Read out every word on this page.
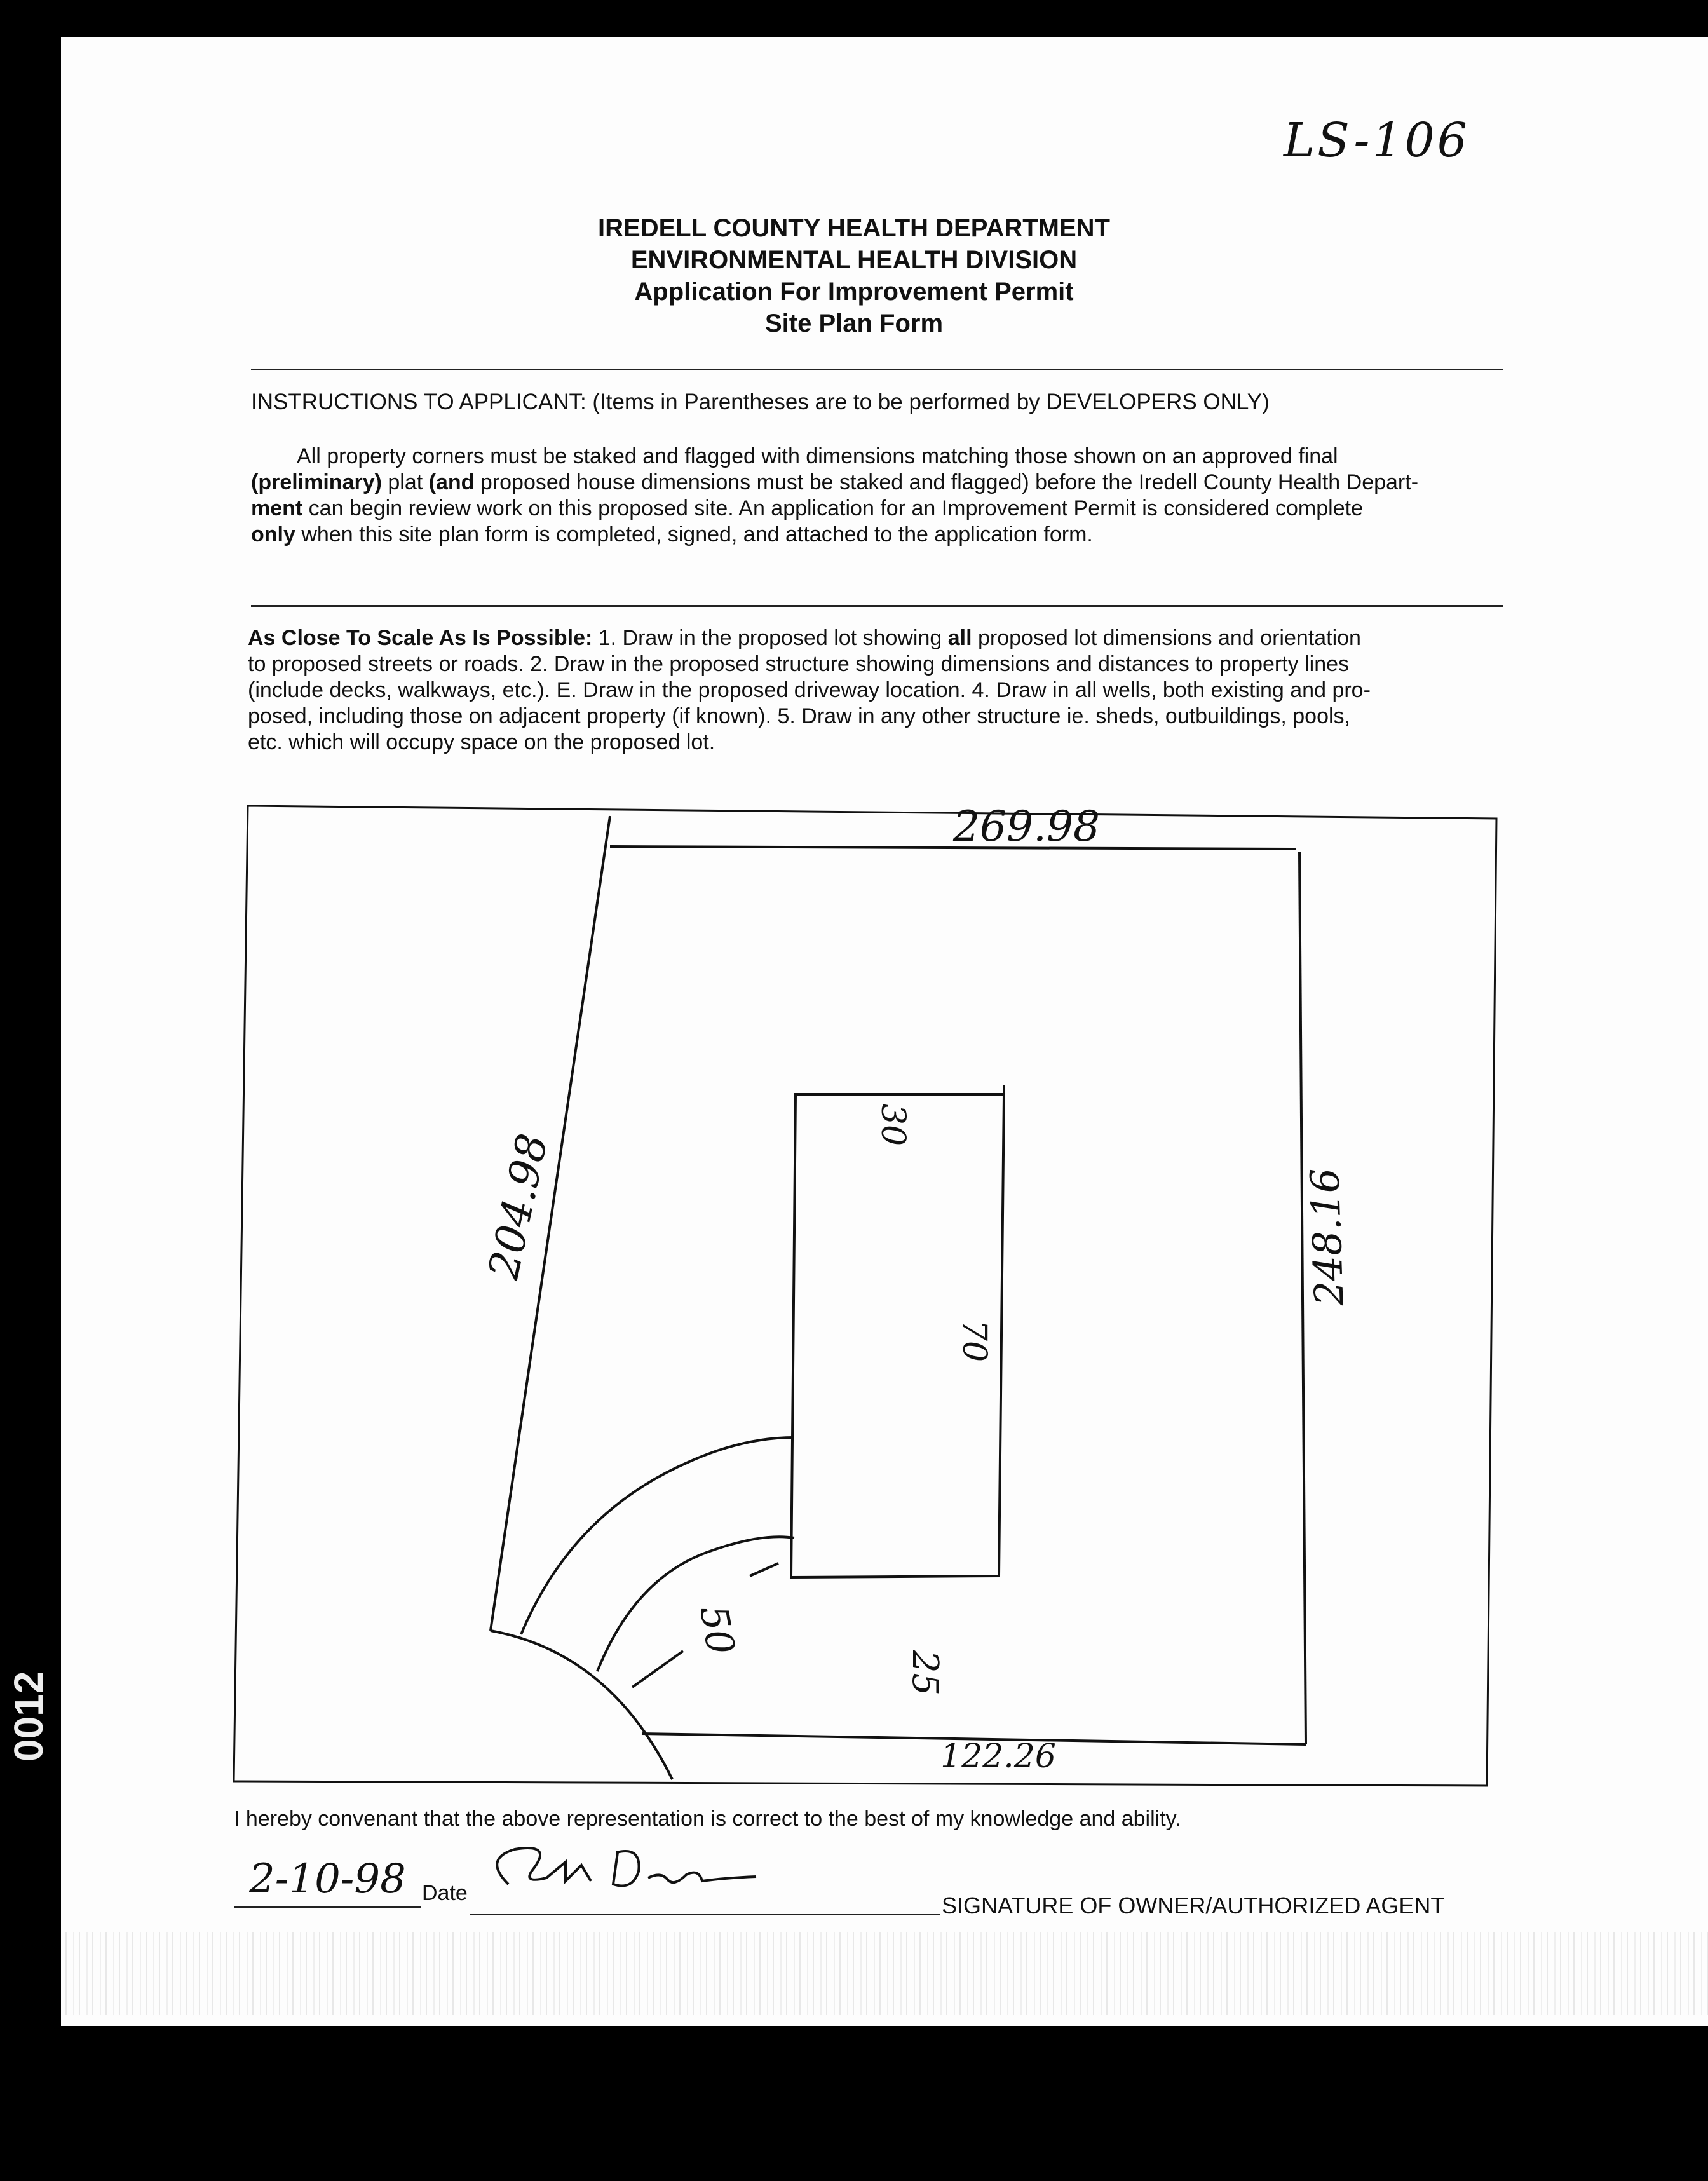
0012
LS-106
IREDELL COUNTY HEALTH DEPARTMENT
ENVIRONMENTAL HEALTH DIVISION
Application For Improvement Permit
Site Plan Form
INSTRUCTIONS TO APPLICANT: (Items in Parentheses are to be performed by DEVELOPERS ONLY)
All property corners must be staked and flagged with dimensions matching those shown on an approved final
(preliminary) plat (and proposed house dimensions must be staked and flagged) before the Iredell County Health Depart-
ment can begin review work on this proposed site. An application for an Improvement Permit is considered complete
only when this site plan form is completed, signed, and attached to the application form.
As Close To Scale As Is Possible: 1. Draw in the proposed lot showing all proposed lot dimensions and orientation
to proposed streets or roads. 2. Draw in the proposed structure showing dimensions and distances to property lines
(include decks, walkways, etc.). E. Draw in the proposed driveway location. 4. Draw in all wells, both existing and pro-
posed, including those on adjacent property (if known). 5. Draw in any other structure ie. sheds, outbuildings, pools,
etc. which will occupy space on the proposed lot.
269.98
204.98	248.16
122.26
30
70
25
50
I hereby convenant that the above representation is correct to the best of my knowledge and ability.
2-10-98 Date	SIGNATURE OF OWNER/AUTHORIZED AGENT
